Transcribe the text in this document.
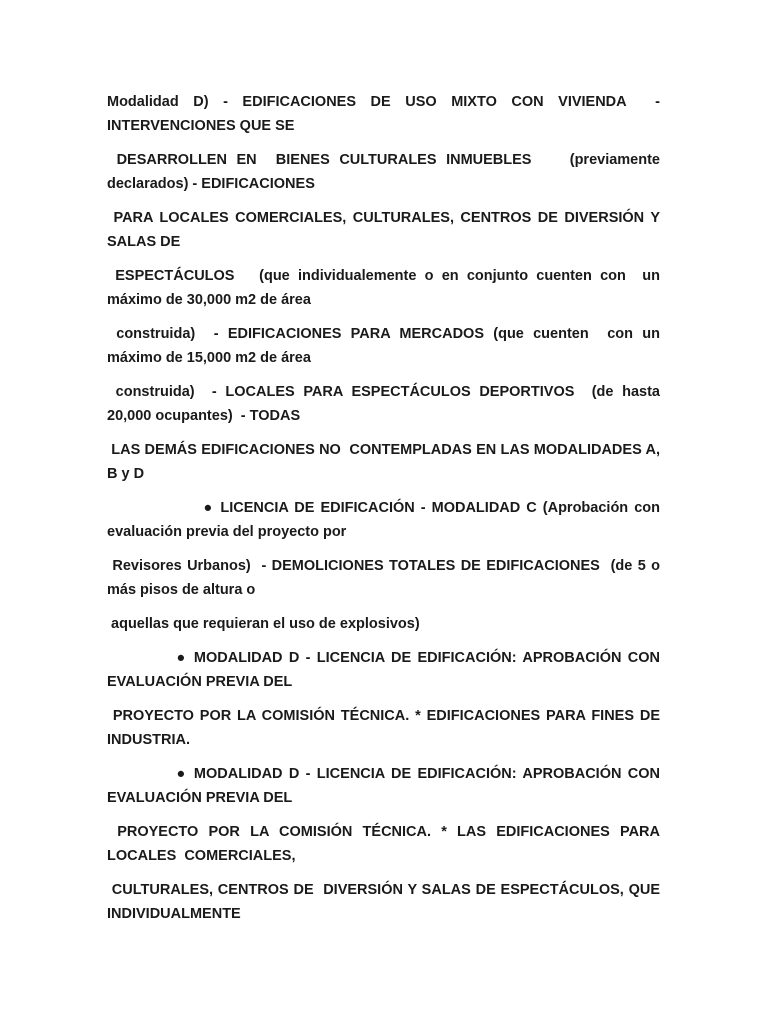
Modalidad D) - EDIFICACIONES DE USO MIXTO CON VIVIENDA  - INTERVENCIONES QUE SE

DESARROLLEN EN  BIENES CULTURALES INMUEBLES    (previamente declarados) - EDIFICACIONES

PARA LOCALES COMERCIALES, CULTURALES, CENTROS DE DIVERSIÓN Y SALAS DE

ESPECTÁCULOS   (que individualemente o en conjunto cuenten con  un máximo de 30,000 m2 de área

construida)  - EDIFICACIONES PARA MERCADOS (que cuenten  con un máximo de 15,000 m2 de área

construida)  - LOCALES PARA ESPECTÁCULOS DEPORTIVOS  (de hasta 20,000 ocupantes)  - TODAS

LAS DEMÁS EDIFICACIONES NO  CONTEMPLADAS EN LAS MODALIDADES A, B y D

● LICENCIA DE EDIFICACIÓN - MODALIDAD C (Aprobación con evaluación previa del proyecto por

Revisores Urbanos)  - DEMOLICIONES TOTALES DE EDIFICACIONES  (de 5 o más pisos de altura o

aquellas que requieran el uso de explosivos)

● MODALIDAD D - LICENCIA DE EDIFICACIÓN: APROBACIÓN CON EVALUACIÓN PREVIA DEL

PROYECTO POR LA COMISIÓN TÉCNICA. * EDIFICACIONES PARA FINES DE INDUSTRIA.

● MODALIDAD D - LICENCIA DE EDIFICACIÓN: APROBACIÓN CON EVALUACIÓN PREVIA DEL

PROYECTO POR LA COMISIÓN TÉCNICA. * LAS EDIFICACIONES PARA LOCALES  COMERCIALES,

CULTURALES, CENTROS DE  DIVERSIÓN Y SALAS DE ESPECTÁCULOS, QUE INDIVIDUALMENTE
